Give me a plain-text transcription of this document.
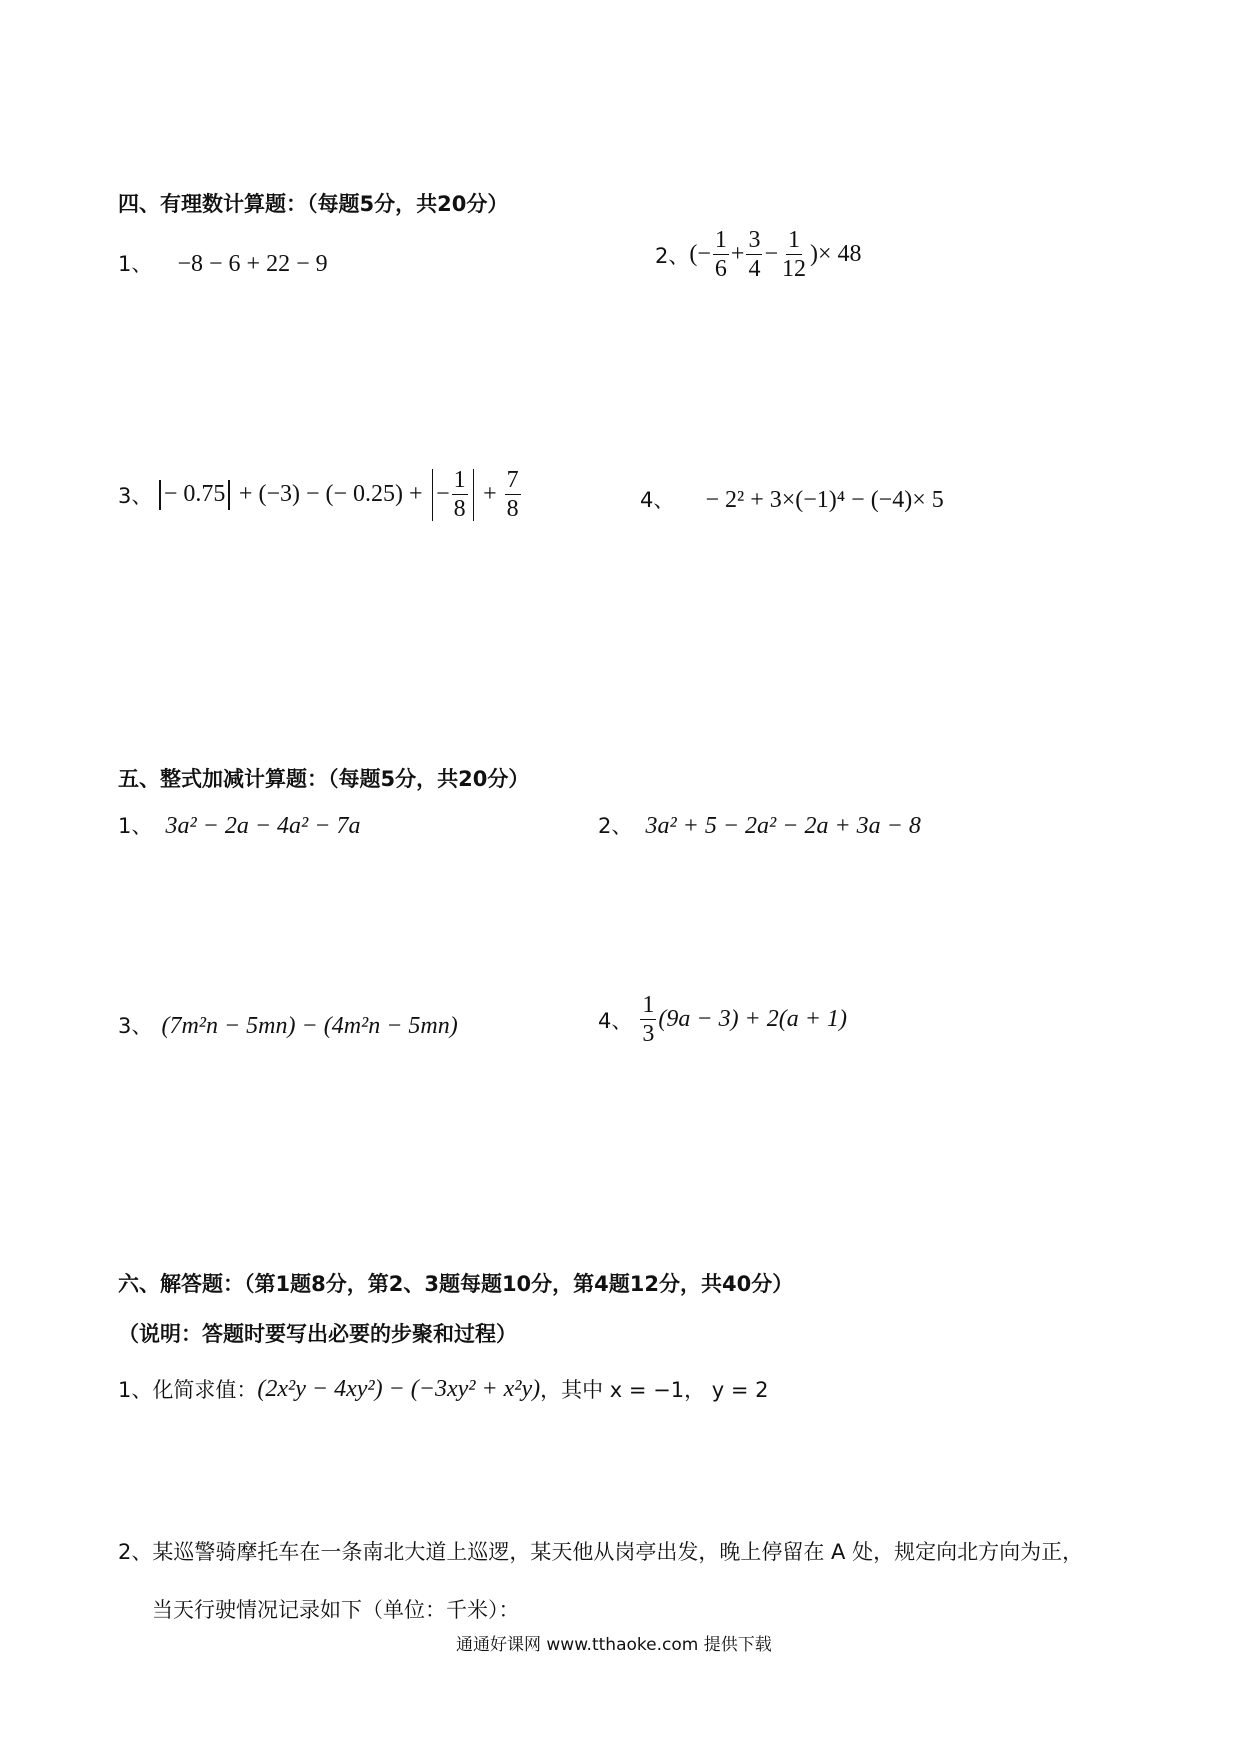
四、有理数计算题：（每题5分，共20分）
1、 −8 − 6 + 22 − 9	2、 (− $\frac{1}{6} + \frac{3}{4} - \frac{1}{12}$ )× 48
3、 − 0.75 + (−3) − (− 0.25) + − $\frac{1}{8} + \frac{7}{8}$	4、 − 2² + 3×(−1)⁴ − (−4)× 5
五、整式加减计算题：（每题5分，共20分）
1、 3a² − 2a − 4a² − 7a	2、 3a² + 5 − 2a² − 2a + 3a − 8
3、 (7m²n − 5mn) − (4m²n − 5mn)	4、 $\frac{1}{3} (9a - 3) + 2(a + 1)$
六、解答题：（第1题8分，第2、3题每题10分，第4题12分，共40分）
（说明：答题时要写出必要的步聚和过程）
1、化简求值： (2x²y − 4xy²) − (−3xy² + x²y) ，其中 x = −1， y = 2
2、某巡警骑摩托车在一条南北大道上巡逻，某天他从岗亭出发，晚上停留在 A 处，规定向北方向为正，
当天行驶情况记录如下（单位：千米）：
通通好课网 www.tthaoke.com 提供下载
